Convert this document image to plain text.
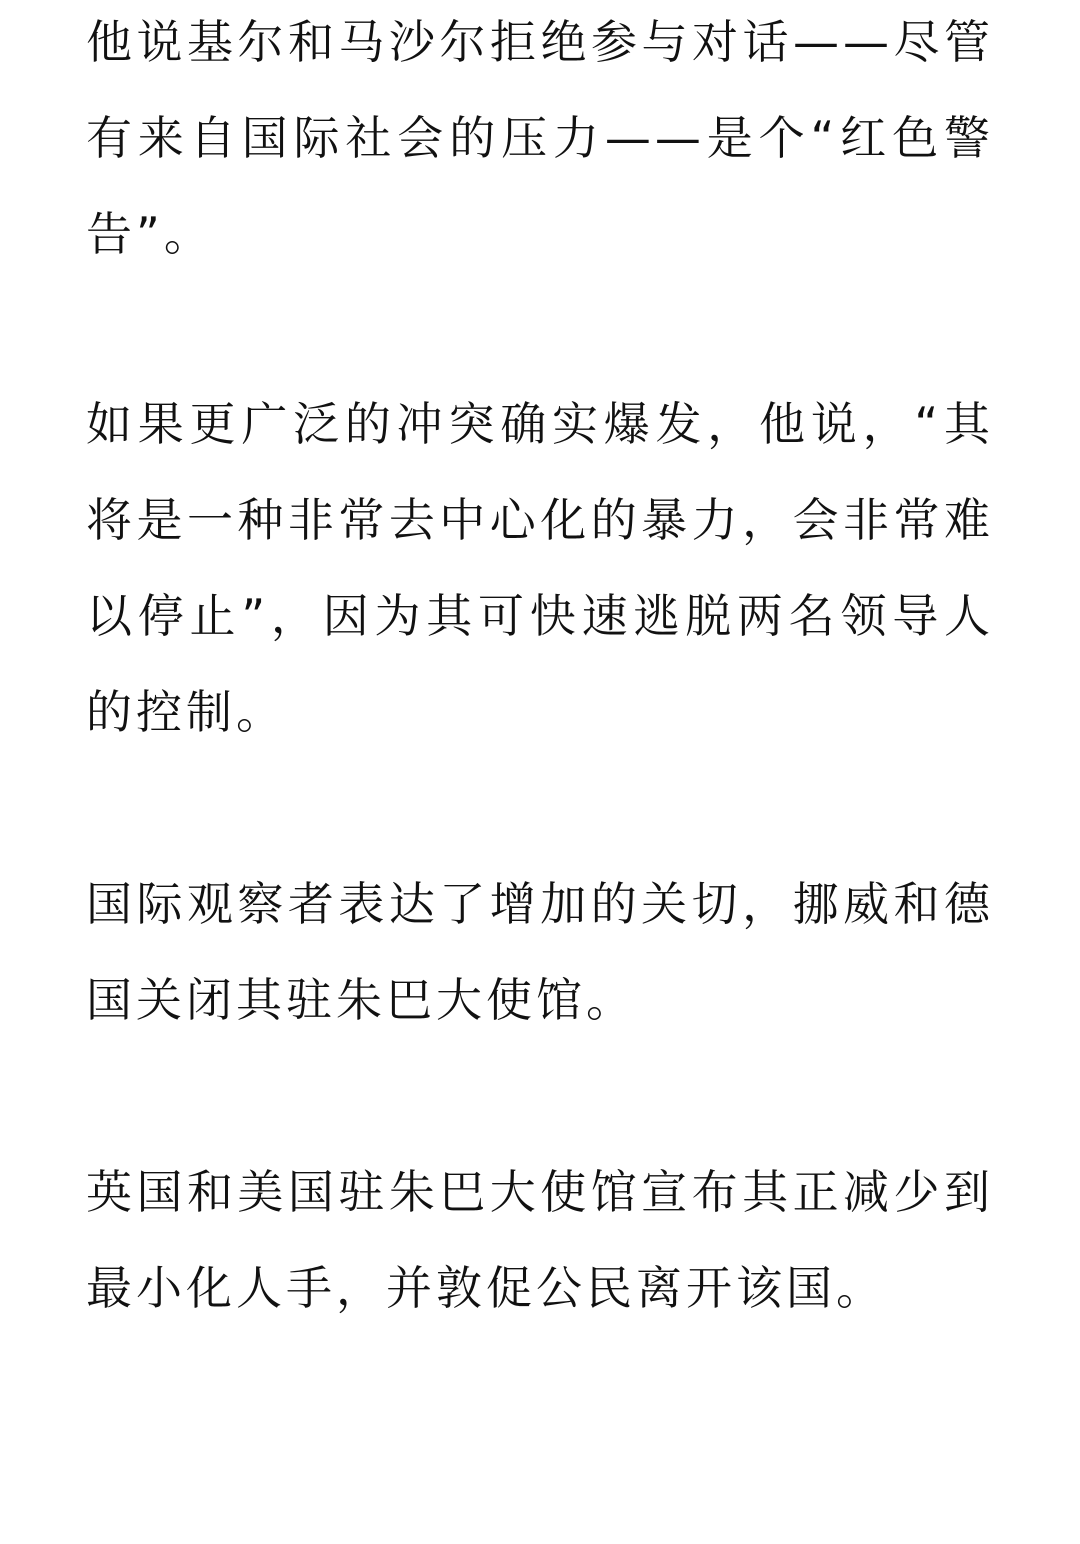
他说基尔和马沙尔拒绝参与对话——尽管有来自国际社会的压力——是个“红色警告”。

如果更广泛的冲突确实爆发，他说，“其将是一种非常去中心化的暴力，会非常难以停止”，因为其可快速逃脱两名领导人的控制。

国际观察者表达了增加的关切，挪威和德国关闭其驻朱巴大使馆。

英国和美国驻朱巴大使馆宣布其正减少到最小化人手，并敦促公民离开该国。
